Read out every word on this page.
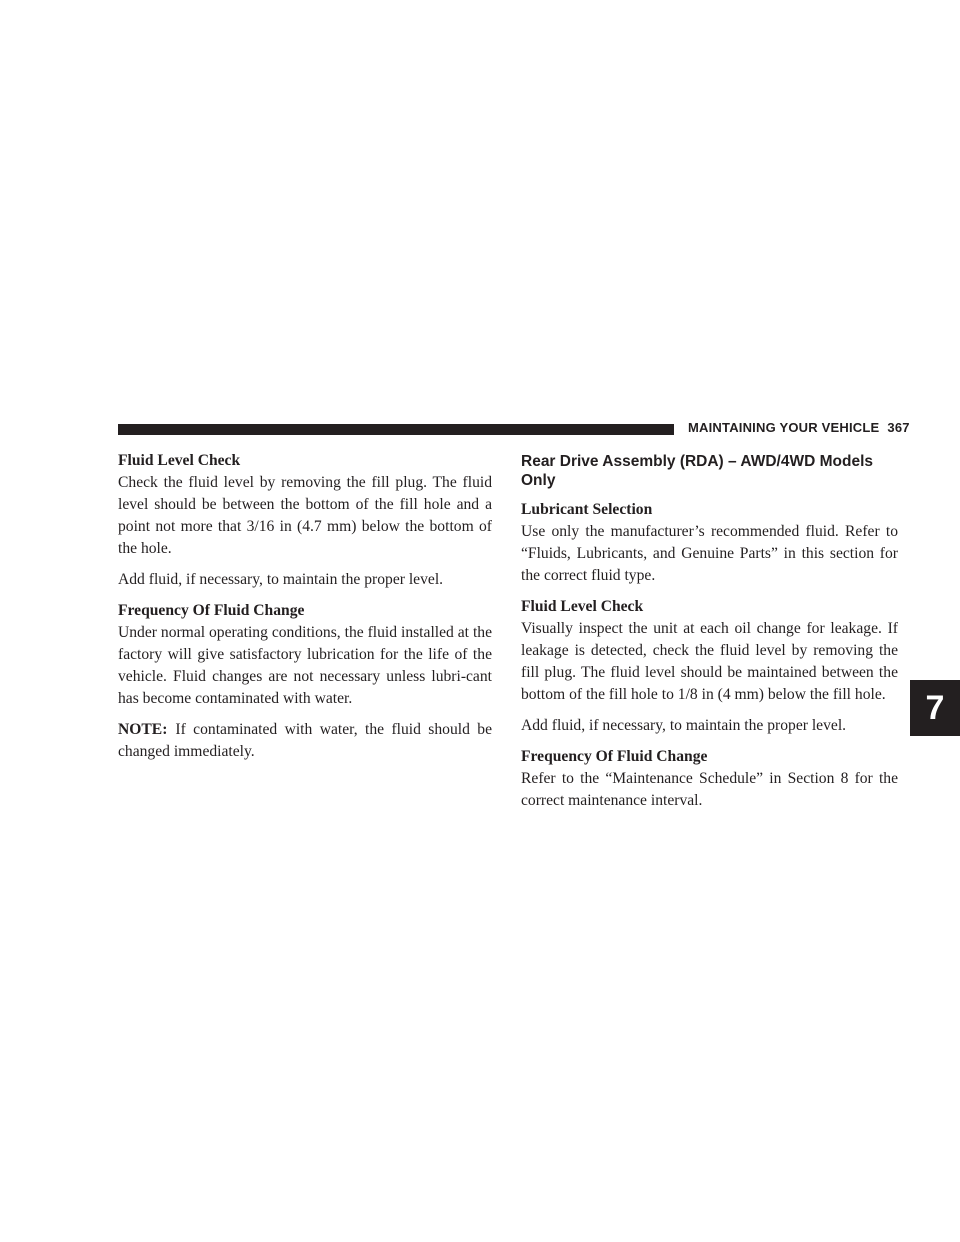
MAINTAINING YOUR VEHICLE 367

Fluid Level Check

Check the fluid level by removing the fill plug. The fluid level should be between the bottom of the fill hole and a point not more that 3/16 in (4.7 mm) below the bottom of the hole.

Add fluid, if necessary, to maintain the proper level.

Frequency Of Fluid Change

Under normal operating conditions, the fluid installed at the factory will give satisfactory lubrication for the life of the vehicle. Fluid changes are not necessary unless lubri-cant has become contaminated with water.

NOTE: If contaminated with water, the fluid should be changed immediately.

Rear Drive Assembly (RDA) – AWD/4WD Models Only

Lubricant Selection

Use only the manufacturer’s recommended fluid. Refer to “Fluids, Lubricants, and Genuine Parts” in this section for the correct fluid type.

Fluid Level Check

Visually inspect the unit at each oil change for leakage. If leakage is detected, check the fluid level by removing the fill plug. The fluid level should be maintained between the bottom of the fill hole to 1/8 in (4 mm) below the fill hole.

Add fluid, if necessary, to maintain the proper level.

Frequency Of Fluid Change

Refer to the “Maintenance Schedule” in Section 8 for the correct maintenance interval.

7
